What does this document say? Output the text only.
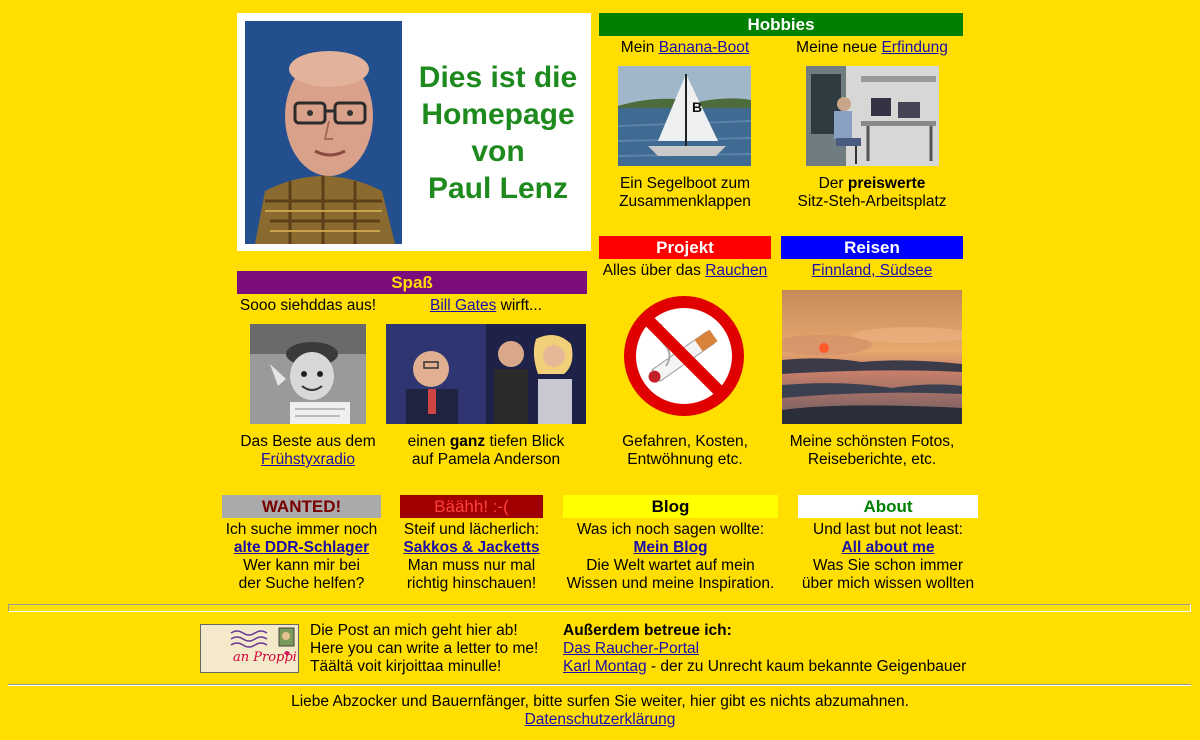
Dies ist die
Homepage
von
Paul Lenz
Hobbies
Mein Banana-Boot	Meine neue Erfindung
B
Ein Segelboot zum
Zusammenklappen
Der preiswerte
Sitz-Steh-Arbeitsplatz
Projekt
Alles über das Rauchen
Gefahren, Kosten,
Entwöhnung etc.
Reisen
Finnland, Südsee
Meine schönsten Fotos,
Reiseberichte, etc.
Spaß
Sooo siehddas aus!	Bill Gates wirft...
Das Beste aus dem
Frühstyxradio
einen ganz tiefen Blick
auf Pamela Anderson
WANTED!
Ich suche immer noch
alte DDR-Schlager
Wer kann mir bei
der Suche helfen?
Bäähh! :-(
Steif und lächerlich:
Sakkos & Jacketts
Man muss nur mal
richtig hinschauen!
Blog
Was ich noch sagen wollte:
Mein Blog
Die Welt wartet auf mein
Wissen und meine Inspiration.
About
Und last but not least:
All about me
Was Sie schon immer
über mich wissen wollten
an Proppi
Die Post an mich geht hier ab!
Here you can write a letter to me!
Täältä voit kirjoittaa minulle!
Außerdem betreue ich:
Das Raucher-Portal
Karl Montag - der zu Unrecht kaum bekannte Geigenbauer
Liebe Abzocker und Bauernfänger, bitte surfen Sie weiter, hier gibt es nichts abzumahnen.
Datenschutzerklärung
